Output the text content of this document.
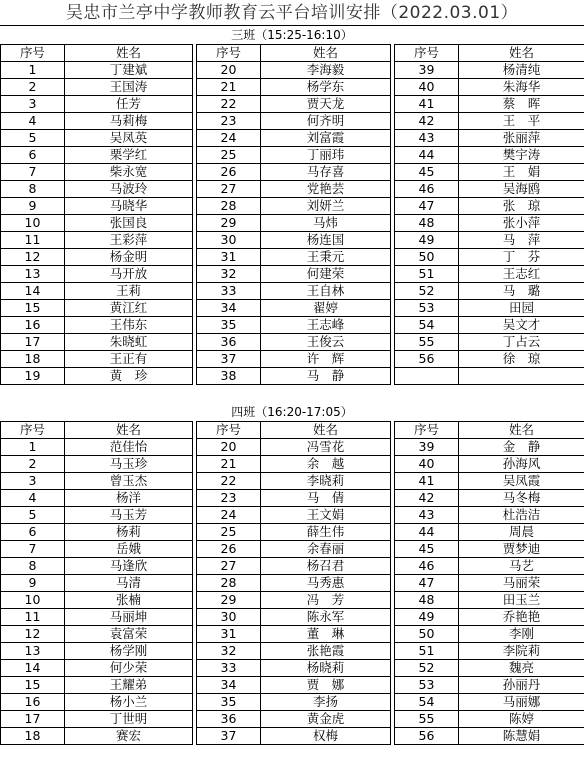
吴忠市兰亭中学教师教育云平台培训安排（2022.03.01）
三班（15:25-16:10）
序号	姓名		序号	姓名		序号	姓名
1	丁建斌		20	李海毅		39	杨清纯
2	王国涛		21	杨学东		40	朱海华
3	任芳		22	贾天龙		41	蔡　晖
4	马莉梅		23	何齐明		42	王　平
5	吴凤英		24	刘富霞		43	张丽萍
6	栗学红		25	丁丽玮		44	樊宇涛
7	柴永宽		26	马存喜		45	王　娟
8	马波玲		27	党艳芸		46	吴海鸥
9	马晓华		28	刘妍兰		47	张　琼
10	张国良		29	马炜		48	张小萍
11	王彩萍		30	杨连国		49	马　萍
12	杨金明		31	王秉元		50	丁　芬
13	马开放		32	何建荣		51	王志红
14	王莉		33	王自林		52	马　璐
15	黄江红		34	翟婷		53	田园
16	王伟东		35	王志峰		54	吴文才
17	朱晓虹		36	王俊云		55	丁占云
18	王正有		37	许　辉		56	徐　琼
19	黄　珍		38	马　静			
四班（16:20-17:05）
序号	姓名		序号	姓名		序号	姓名
1	范佳怡		20	冯雪花		39	金　静
2	马玉珍		21	余　越		40	孙海风
3	曾玉杰		22	李晓莉		41	吴凤霞
4	杨洋		23	马　倩		42	马冬梅
5	马玉芳		24	王文娟		43	杜浩洁
6	杨莉		25	薛生伟		44	周晨
7	岳娥		26	余春丽		45	贾梦迪
8	马逢欣		27	杨召君		46	马艺
9	马清		28	马秀惠		47	马丽荣
10	张楠		29	冯　芳		48	田玉兰
11	马丽坤		30	陈永军		49	乔艳艳
12	袁富荣		31	董　琳		50	李刚
13	杨学刚		32	张艳霞		51	李院莉
14	何少荣		33	杨晓莉		52	魏亮
15	王耀弟		34	贾　娜		53	孙丽丹
16	杨小兰		35	李扬		54	马丽娜
17	丁世明		36	黄金虎		55	陈婷
18	赛宏		37	权梅		56	陈慧娟
